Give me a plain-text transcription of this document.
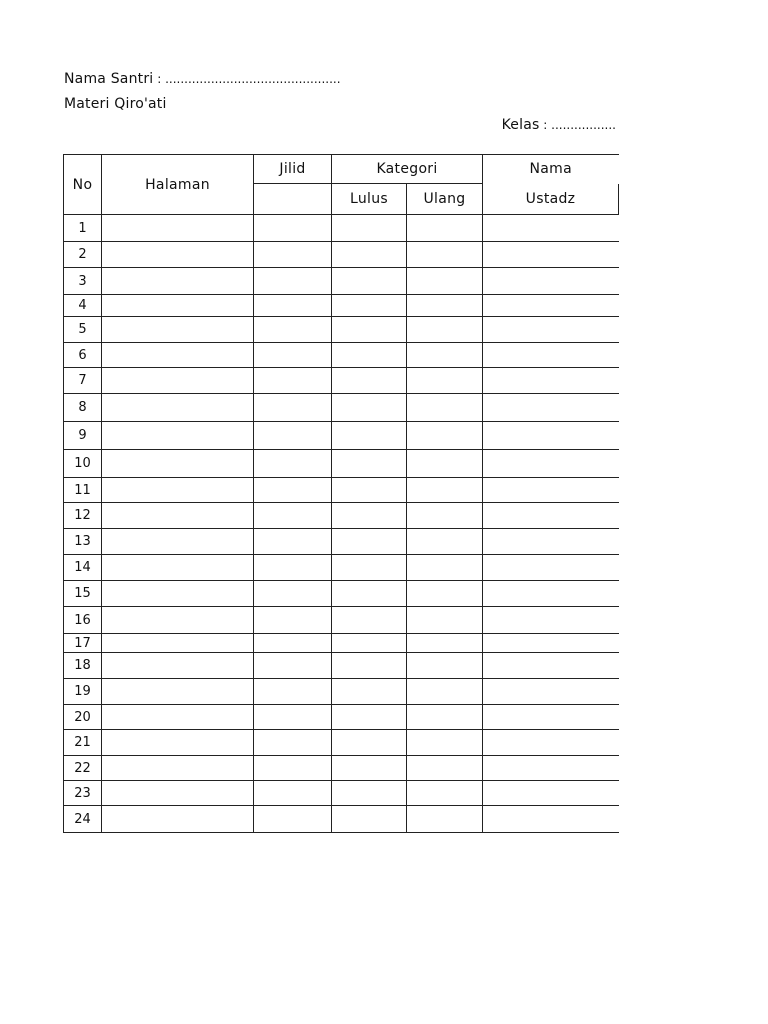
Nama Santri : ..............................................
Materi Qiro'ati
Kelas : .................
No	Halaman	Jilid	Kategori		Nama
			Lulus	Ulang	Ustadz
1					
2					
3					
4					
5					
6					
7					
8					
9					
10					
11					
12					
13					
14					
15					
16					
17					
18					
19					
20					
21					
22					
23					
24					
